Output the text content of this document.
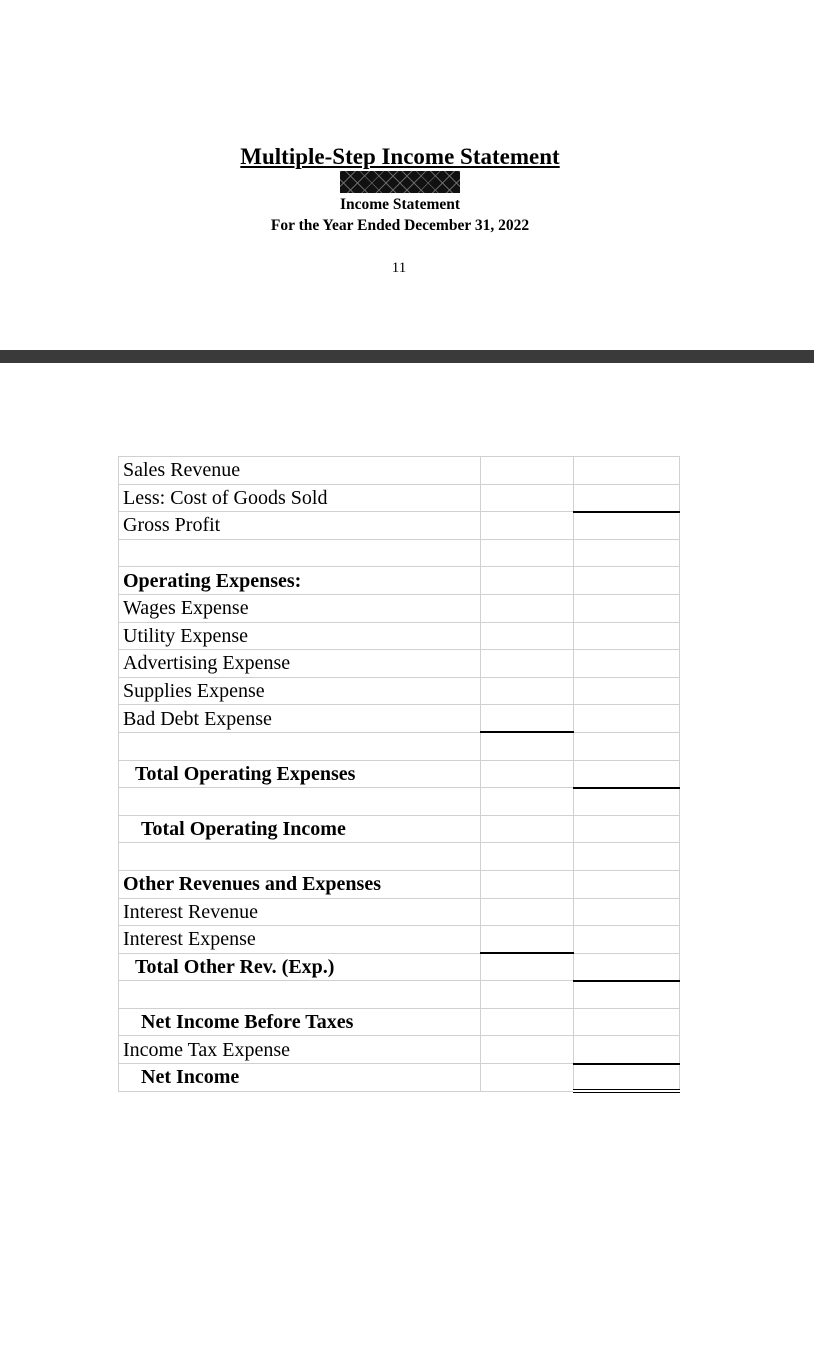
Multiple-Step Income Statement
Income Statement
For the Year Ended December 31, 2022
11
Sales Revenue		
Less: Cost of Goods Sold		
Gross Profit		

Operating Expenses:		
Wages Expense		
Utility Expense		
Advertising Expense		
Supplies Expense		
Bad Debt Expense		

Total Operating Expenses		

Total Operating Income		

Other Revenues and Expenses		
Interest Revenue		
Interest Expense		
Total Other Rev. (Exp.)		

Net Income Before Taxes		
Income Tax Expense		
Net Income		
